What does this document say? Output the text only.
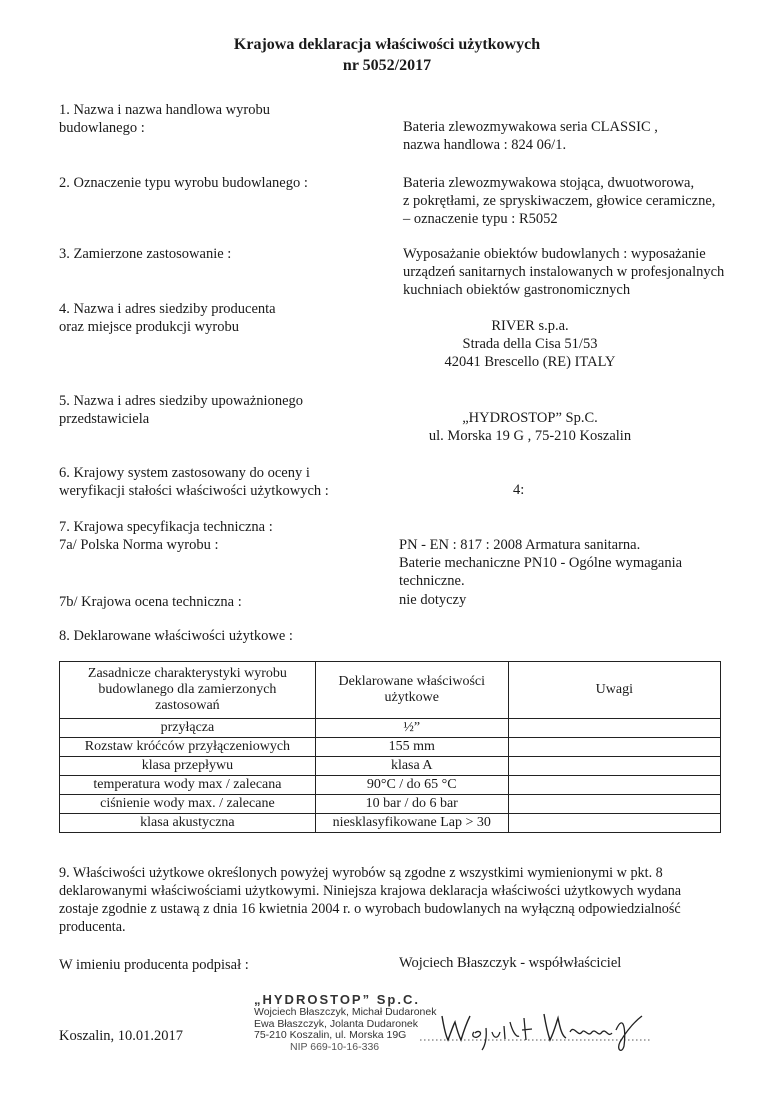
Krajowa deklaracja właściwości użytkowych
nr 5052/2017
1. Nazwa i nazwa handlowa wyrobu
budowlanego :	Bateria zlewozmywakowa seria CLASSIC ,
nazwa handlowa : 824 06/1.
2. Oznaczenie typu wyrobu budowlanego :	Bateria zlewozmywakowa stojąca, dwuotworowa,
z pokrętłami, ze spryskiwaczem, głowice ceramiczne,
– oznaczenie typu : R5052
3. Zamierzone zastosowanie :	Wyposażanie obiektów budowlanych : wyposażanie
urządzeń sanitarnych instalowanych w profesjonalnych
kuchniach obiektów gastronomicznych
4. Nazwa i adres siedziby producenta
oraz miejsce produkcji wyrobu	RIVER s.p.a.
Strada della Cisa 51/53
42041 Brescello (RE) ITALY
5. Nazwa i adres siedziby upoważnionego
przedstawiciela	„HYDROSTOP” Sp.C.
ul. Morska 19 G , 75-210 Koszalin
6. Krajowy system zastosowany do oceny i
weryfikacji stałości właściwości użytkowych :	4:
7. Krajowa specyfikacja techniczna :
7a/ Polska Norma wyrobu :	PN - EN : 817 : 2008 Armatura sanitarna.
Baterie mechaniczne PN10 - Ogólne wymagania
techniczne.
7b/ Krajowa ocena techniczna :	nie dotyczy
8. Deklarowane właściwości użytkowe :
Zasadnicze charakterystyki wyrobu
budowlanego dla zamierzonych
zastosowań	Deklarowane właściwości
użytkowe	Uwagi
przyłącza	½”	
Rozstaw króćców przyłączeniowych	155 mm	
klasa przepływu	klasa A	
temperatura wody max / zalecana	90°C / do 65 °C	
ciśnienie wody max. / zalecane	10 bar / do 6 bar	
klasa akustyczna	niesklasyfikowane Lap > 30	
9. Właściwości użytkowe określonych powyżej wyrobów są zgodne z wszystkimi wymienionymi w pkt. 8
deklarowanymi właściwościami użytkowymi. Niniejsza krajowa deklaracja właściwości użytkowych wydana
zostaje zgodnie z ustawą z dnia 16 kwietnia 2004 r. o wyrobach budowlanych na wyłączną odpowiedzialność
producenta.
W imieniu producenta podpisał :	Wojciech Błaszczyk - współwłaściciel
Koszalin, 10.01.2017
„HYDROSTOP” Sp.C.
Wojciech Błaszczyk, Michał Dudaronek
Ewa Błaszczyk, Jolanta Dudaronek
75-210 Koszalin, ul. Morska 19G
NIP 669-10-16-336
